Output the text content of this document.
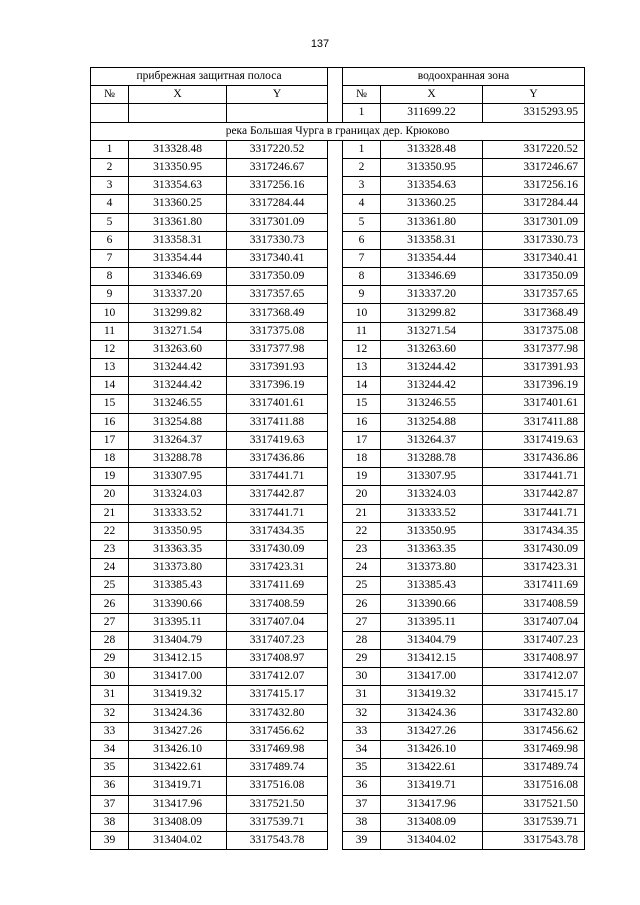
137
прибрежная защитная полоса				водоохранная зона		
№	X	Y		№	X	Y
				1	311699.22	3315293.95
река Большая Чурга в границах дер. Крюково						
1	313328.48	3317220.52		1	313328.48	3317220.52
2	313350.95	3317246.67		2	313350.95	3317246.67
3	313354.63	3317256.16		3	313354.63	3317256.16
4	313360.25	3317284.44		4	313360.25	3317284.44
5	313361.80	3317301.09		5	313361.80	3317301.09
6	313358.31	3317330.73		6	313358.31	3317330.73
7	313354.44	3317340.41		7	313354.44	3317340.41
8	313346.69	3317350.09		8	313346.69	3317350.09
9	313337.20	3317357.65		9	313337.20	3317357.65
10	313299.82	3317368.49		10	313299.82	3317368.49
11	313271.54	3317375.08		11	313271.54	3317375.08
12	313263.60	3317377.98		12	313263.60	3317377.98
13	313244.42	3317391.93		13	313244.42	3317391.93
14	313244.42	3317396.19		14	313244.42	3317396.19
15	313246.55	3317401.61		15	313246.55	3317401.61
16	313254.88	3317411.88		16	313254.88	3317411.88
17	313264.37	3317419.63		17	313264.37	3317419.63
18	313288.78	3317436.86		18	313288.78	3317436.86
19	313307.95	3317441.71		19	313307.95	3317441.71
20	313324.03	3317442.87		20	313324.03	3317442.87
21	313333.52	3317441.71		21	313333.52	3317441.71
22	313350.95	3317434.35		22	313350.95	3317434.35
23	313363.35	3317430.09		23	313363.35	3317430.09
24	313373.80	3317423.31		24	313373.80	3317423.31
25	313385.43	3317411.69		25	313385.43	3317411.69
26	313390.66	3317408.59		26	313390.66	3317408.59
27	313395.11	3317407.04		27	313395.11	3317407.04
28	313404.79	3317407.23		28	313404.79	3317407.23
29	313412.15	3317408.97		29	313412.15	3317408.97
30	313417.00	3317412.07		30	313417.00	3317412.07
31	313419.32	3317415.17		31	313419.32	3317415.17
32	313424.36	3317432.80		32	313424.36	3317432.80
33	313427.26	3317456.62		33	313427.26	3317456.62
34	313426.10	3317469.98		34	313426.10	3317469.98
35	313422.61	3317489.74		35	313422.61	3317489.74
36	313419.71	3317516.08		36	313419.71	3317516.08
37	313417.96	3317521.50		37	313417.96	3317521.50
38	313408.09	3317539.71		38	313408.09	3317539.71
39	313404.02	3317543.78		39	313404.02	3317543.78
